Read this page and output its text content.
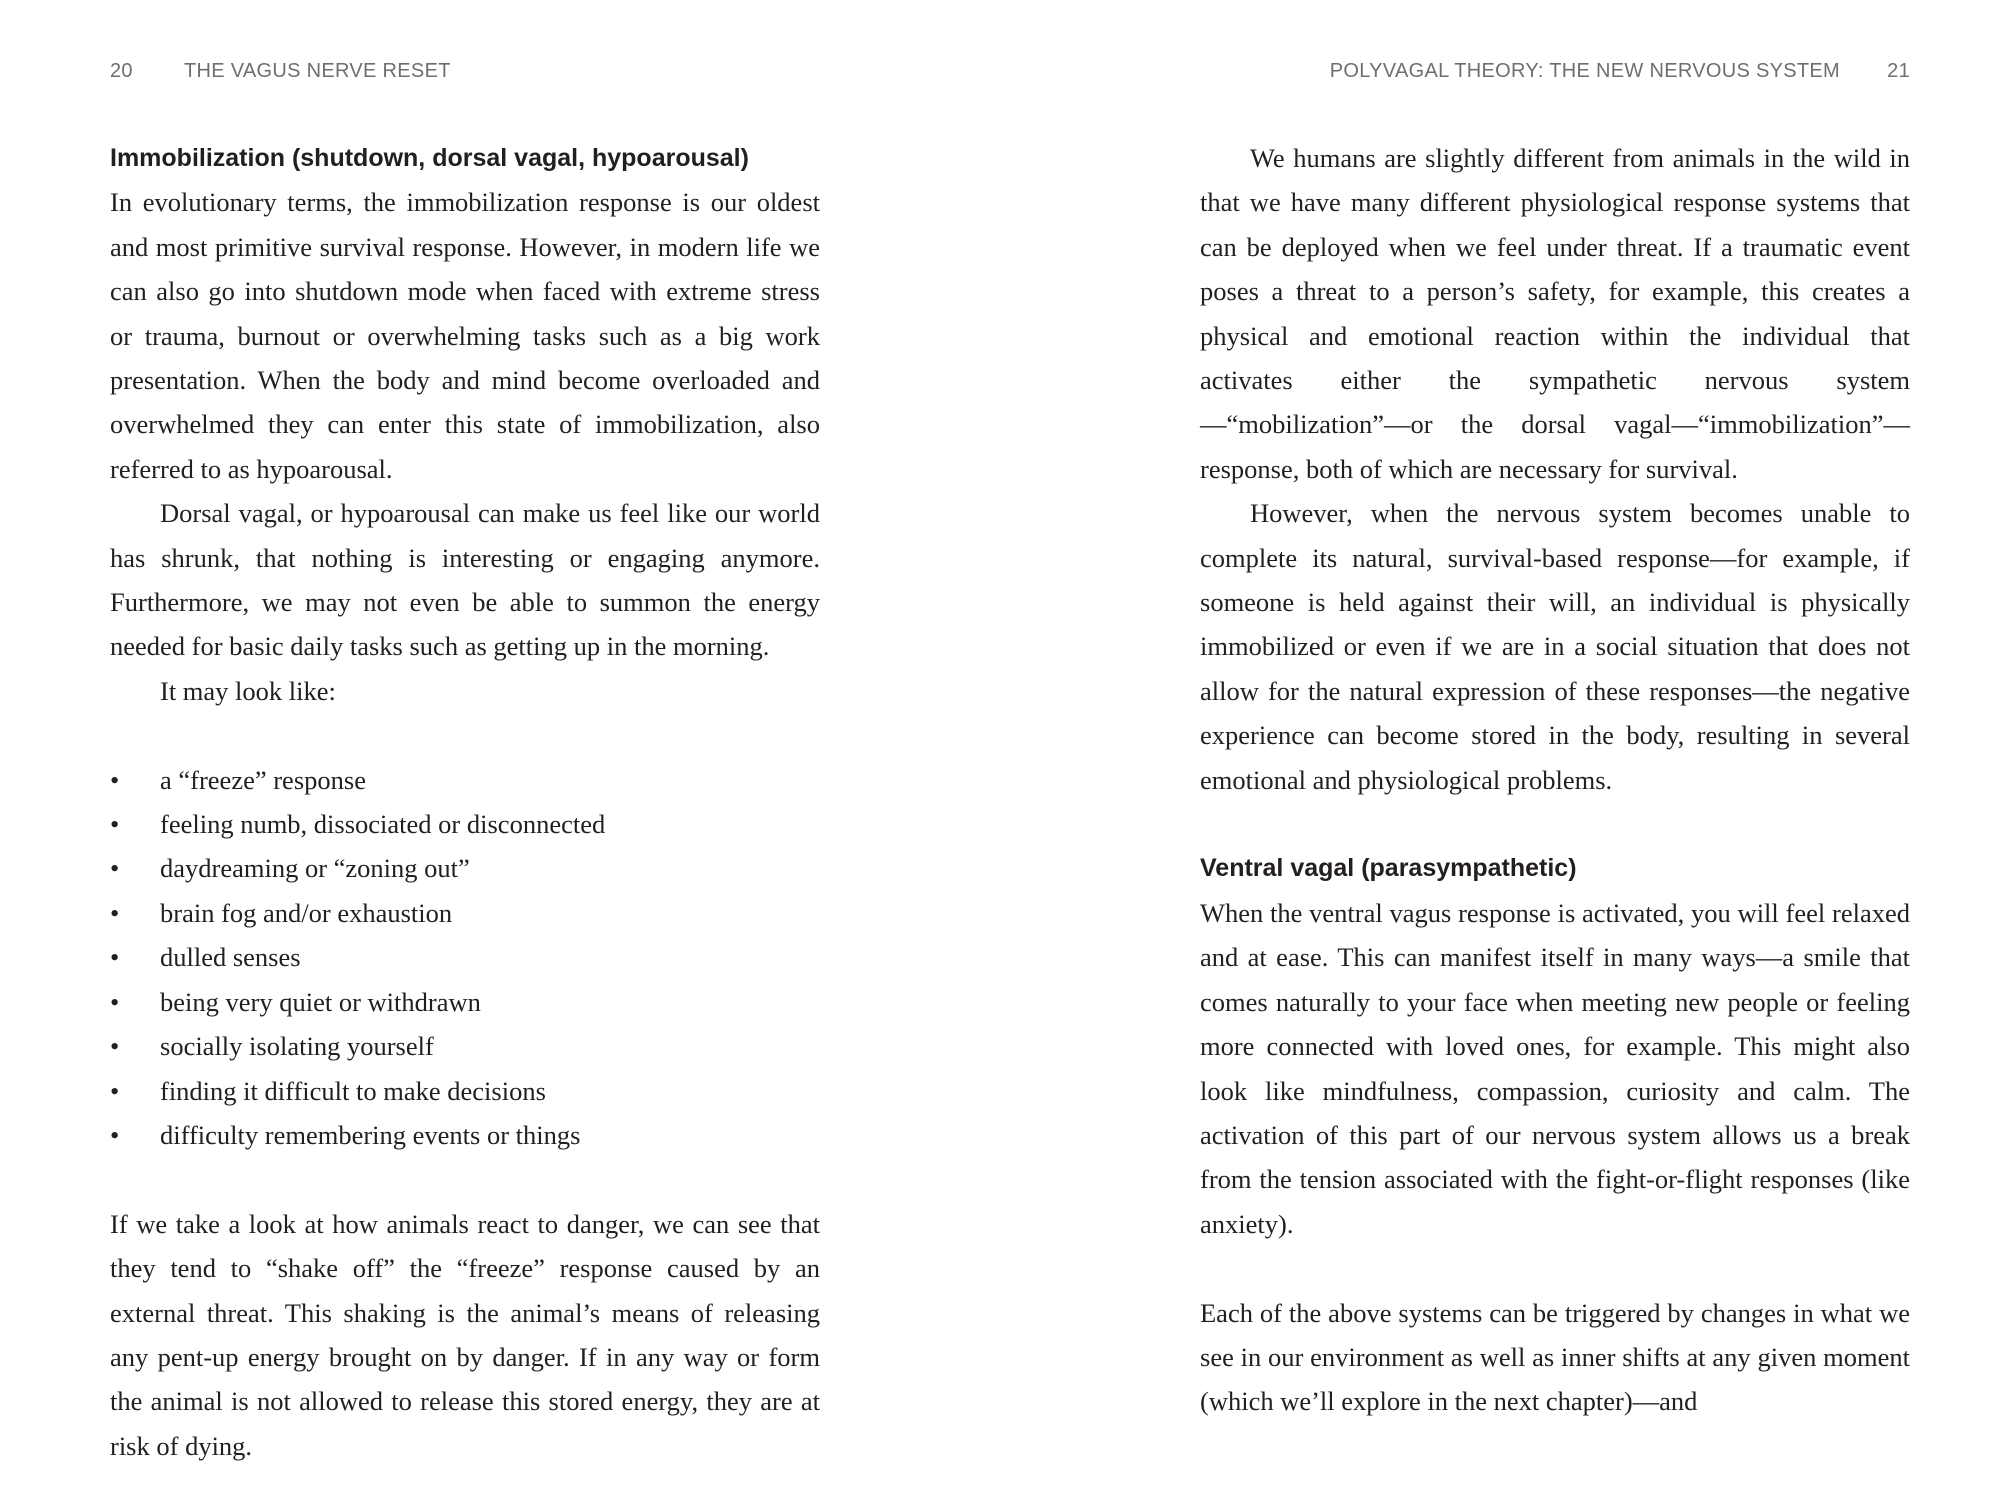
20	THE VAGUS NERVE RESET
Immobilization (shutdown, dorsal vagal, hypoarousal)

In evolutionary terms, the immobilization response is our oldest and most primitive survival response. However, in modern life we can also go into shutdown mode when faced with extreme stress or trauma, burnout or overwhelming tasks such as a big work presentation. When the body and mind become overloaded and overwhelmed they can enter this state of immobilization, also referred to as hypoarousal.

Dorsal vagal, or hypoarousal can make us feel like our world has shrunk, that nothing is interesting or engaging anymore. Furthermore, we may not even be able to summon the energy needed for basic daily tasks such as getting up in the morning.

It may look like:

•	a “freeze” response
•	feeling numb, dissociated or disconnected
•	daydreaming or “zoning out”
•	brain fog and/or exhaustion
•	dulled senses
•	being very quiet or withdrawn
•	socially isolating yourself
•	finding it difficult to make decisions
•	difficulty remembering events or things

If we take a look at how animals react to danger, we can see that they tend to “shake off” the “freeze” response caused by an external threat. This shaking is the animal’s means of releasing any pent-up energy brought on by danger. If in any way or form the animal is not allowed to release this stored energy, they are at risk of dying.

POLYVAGAL THEORY: THE NEW NERVOUS SYSTEM 21

We humans are slightly different from animals in the wild in that we have many different physiological response systems that can be deployed when we feel under threat. If a traumatic event poses a threat to a person’s safety, for example, this creates a physical and emotional reaction within the individual that activates either the sympathetic nervous system—“mobilization”—or the dorsal vagal—“immobilization”—response, both of which are necessary for survival.

However, when the nervous system becomes unable to complete its natural, survival-based response—for example, if someone is held against their will, an individual is physically immobilized or even if we are in a social situation that does not allow for the natural expression of these responses—the negative experience can become stored in the body, resulting in several emotional and physiological problems.

Ventral vagal (parasympathetic)

When the ventral vagus response is activated, you will feel relaxed and at ease. This can manifest itself in many ways—a smile that comes naturally to your face when meeting new people or feeling more connected with loved ones, for example. This might also look like mindfulness, compassion, curiosity and calm. The activation of this part of our nervous system allows us a break from the tension associated with the fight-or-flight responses (like anxiety).

Each of the above systems can be triggered by changes in what we see in our environment as well as inner shifts at any given moment (which we’ll explore in the next chapter)—and
